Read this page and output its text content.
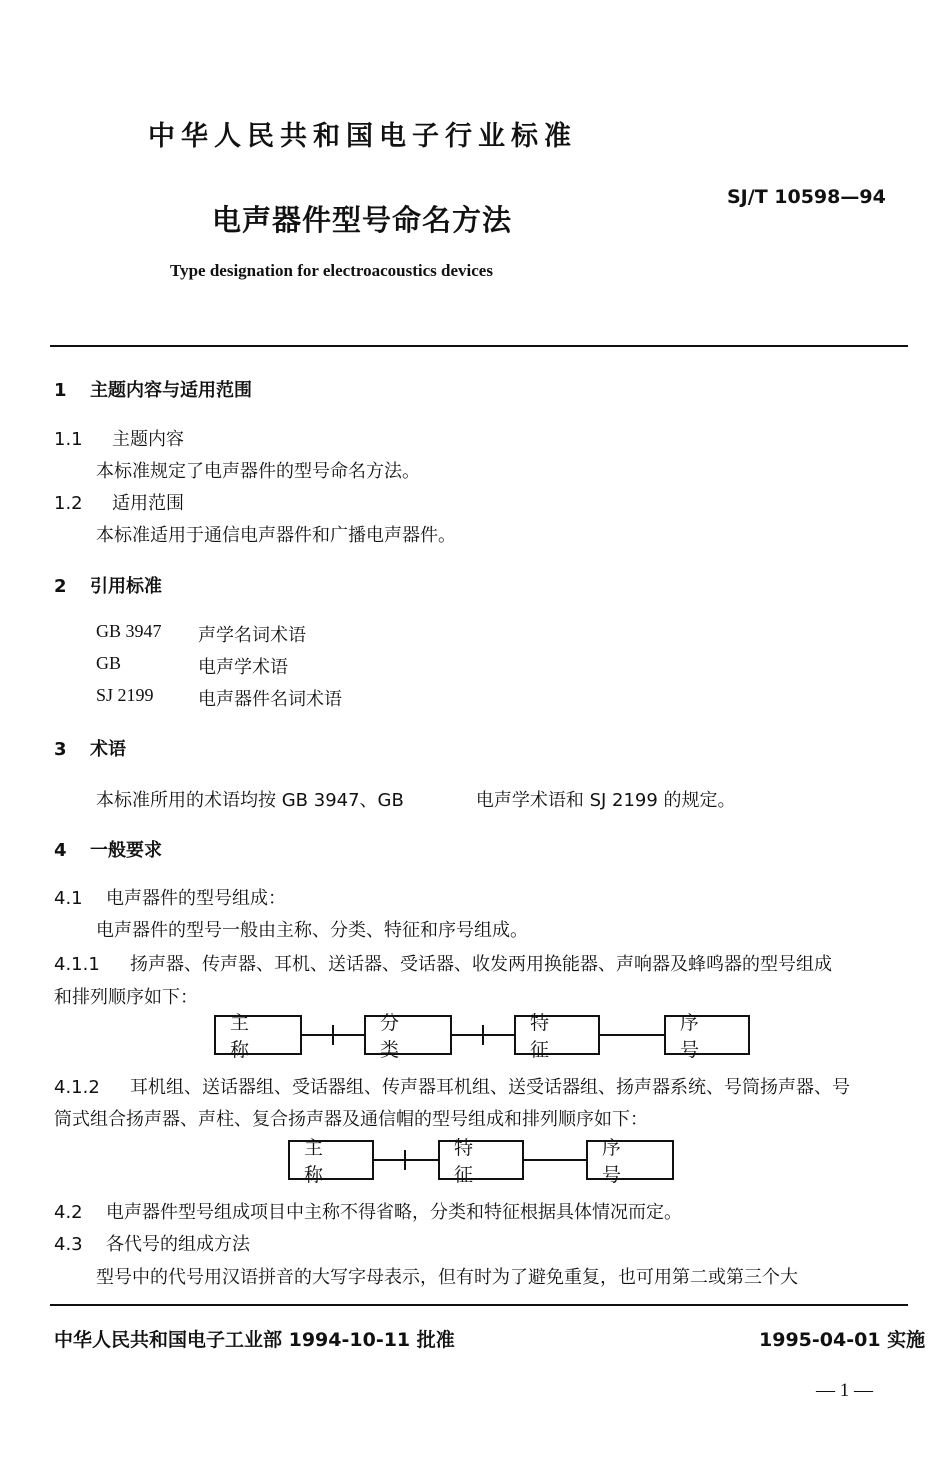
中华人民共和国电子行业标准
电声器件型号命名方法
SJ/T 10598—94
Type designation for electroacoustics devices
1 主题内容与适用范围
1.1 主题内容
本标准规定了电声器件的型号命名方法。
1.2 适用范围
本标准适用于通信电声器件和广播电声器件。
2 引用标准
GB 3947 声学名词术语
GB	电声学术语
SJ 2199 电声器件名词术语
3 术语
本标准所用的术语均按 GB 3947、GB　　　　电声学术语和 SJ 2199 的规定。
4 一般要求
4.1 电声器件的型号组成：
电声器件的型号一般由主称、分类、特征和序号组成。
4.1.1 扬声器、传声器、耳机、送话器、受话器、收发两用换能器、声响器及蜂鸣器的型号组成
和排列顺序如下：
主称
分类
特征
序号
4.1.2 耳机组、送话器组、受话器组、传声器耳机组、送受话器组、扬声器系统、号筒扬声器、号
筒式组合扬声器、声柱、复合扬声器及通信帽的型号组成和排列顺序如下：
主称
特征
序号
4.2 电声器件型号组成项目中主称不得省略，分类和特征根据具体情况而定。
4.3 各代号的组成方法
型号中的代号用汉语拼音的大写字母表示，但有时为了避免重复，也可用第二或第三个大
中华人民共和国电子工业部 1994-10-11 批准	1995-04-01 实施
— 1 —
